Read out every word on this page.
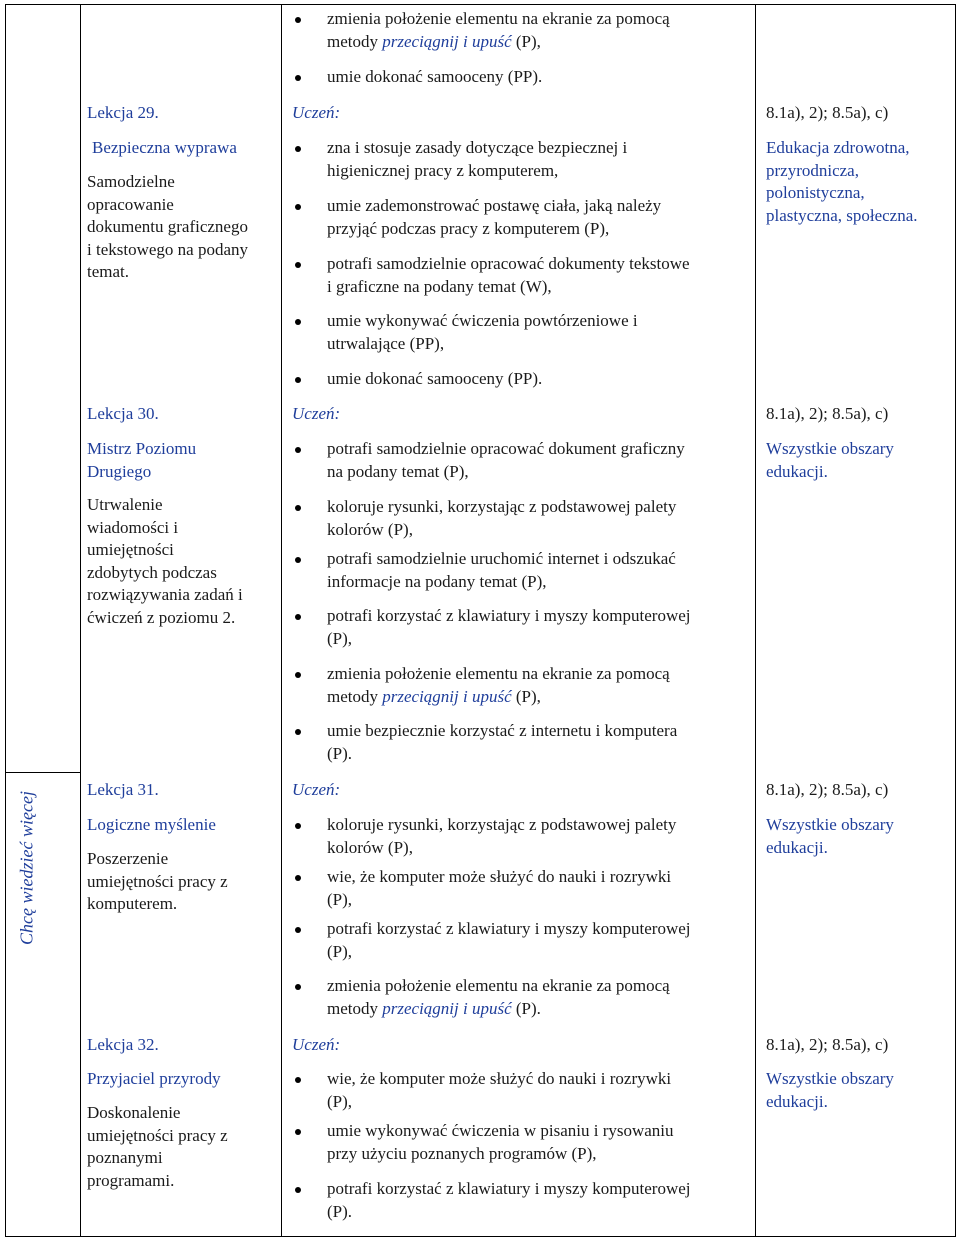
Chcę wiedzieć więcej
zmienia położenie elementu na ekranie za pomocą
metody przeciągnij i upuść (P),
umie dokonać samooceny (PP).
Lekcja 29.
Bezpieczna wyprawa
Samodzielne
opracowanie
dokumentu graficznego
i tekstowego na podany
temat.
Uczeń:
zna i stosuje zasady dotyczące bezpiecznej i
higienicznej pracy z komputerem,
umie zademonstrować postawę ciała, jaką należy
przyjąć podczas pracy z komputerem (P),
potrafi samodzielnie opracować dokumenty tekstowe
i graficzne na podany temat (W),
umie wykonywać ćwiczenia powtórzeniowe i
utrwalające (PP),
umie dokonać samooceny (PP).
8.1a), 2); 8.5a), c)
Edukacja zdrowotna,
przyrodnicza,
polonistyczna,
plastyczna, społeczna.
Lekcja 30.
Mistrz Poziomu
Drugiego
Utrwalenie
wiadomości i
umiejętności
zdobytych podczas
rozwiązywania zadań i
ćwiczeń z poziomu 2.
Uczeń:
potrafi samodzielnie opracować dokument graficzny
na podany temat (P),
koloruje rysunki, korzystając z podstawowej palety
kolorów (P),
potrafi samodzielnie uruchomić internet i odszukać
informacje na podany temat (P),
potrafi korzystać z klawiatury i myszy komputerowej
(P),
zmienia położenie elementu na ekranie za pomocą
metody przeciągnij i upuść (P),
umie bezpiecznie korzystać z internetu i komputera
(P).
8.1a), 2); 8.5a), c)
Wszystkie obszary
edukacji.
Lekcja 31.
Logiczne myślenie
Poszerzenie
umiejętności pracy z
komputerem.
Uczeń:
koloruje rysunki, korzystając z podstawowej palety
kolorów (P),
wie, że komputer może służyć do nauki i rozrywki
(P),
potrafi korzystać z klawiatury i myszy komputerowej
(P),
zmienia położenie elementu na ekranie za pomocą
metody przeciągnij i upuść (P).
8.1a), 2); 8.5a), c)
Wszystkie obszary
edukacji.
Lekcja 32.
Przyjaciel przyrody
Doskonalenie
umiejętności pracy z
poznanymi
programami.
Uczeń:
wie, że komputer może służyć do nauki i rozrywki
(P),
umie wykonywać ćwiczenia w pisaniu i rysowaniu
przy użyciu poznanych programów (P),
potrafi korzystać z klawiatury i myszy komputerowej
(P).
8.1a), 2); 8.5a), c)
Wszystkie obszary
edukacji.
